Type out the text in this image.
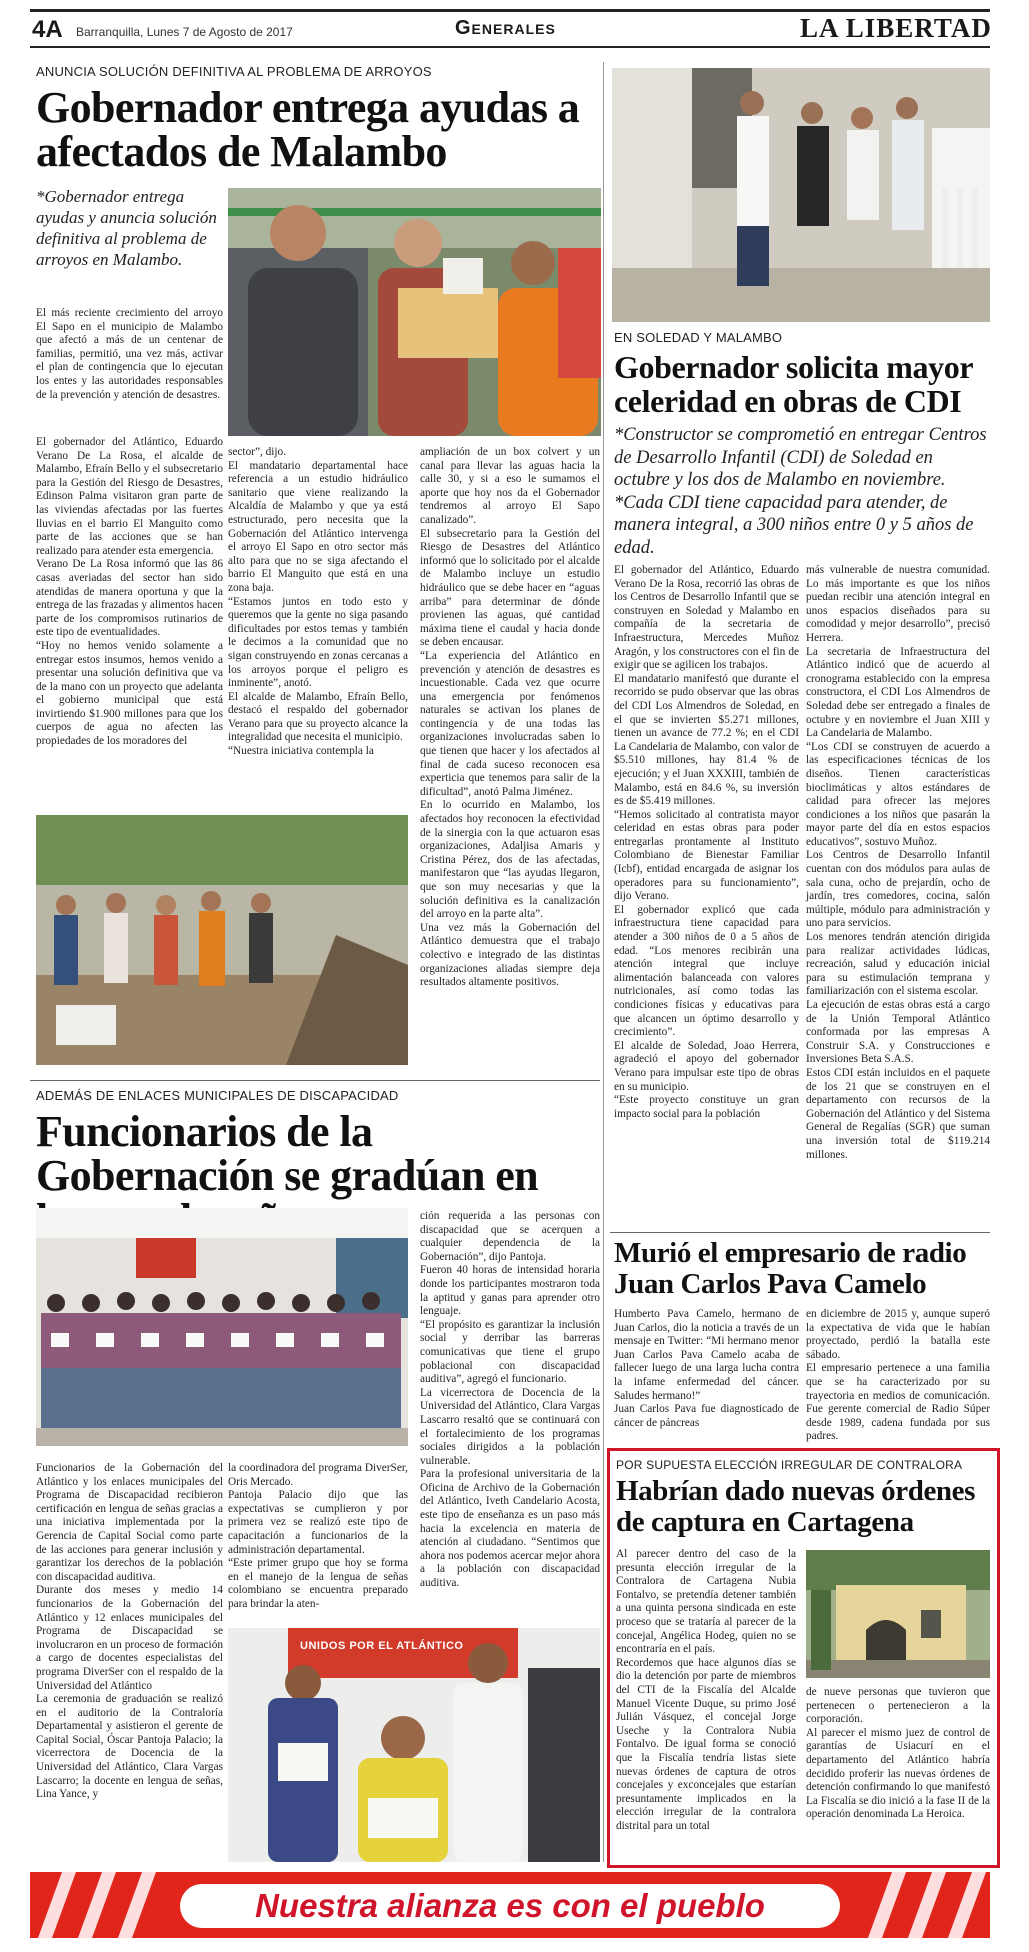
4A Barranquilla, Lunes 7 de Agosto de 2017	Generales	LA LIBERTAD
ANUNCIA SOLUCIÓN DEFINITIVA AL PROBLEMA DE ARROYOS
Gobernador entrega ayudas a afectados de Malambo
*Gobernador entrega ayudas y anuncia solución definitiva al problema de arroyos en Malambo.

El más reciente crecimiento del arroyo El Sapo en el municipio de Malambo que afectó a más de un centenar de familias, permitió, una vez más, activar el plan de contingencia que lo ejecutan los entes y las autoridades responsables de la prevención y atención de desastres.

El gobernador del Atlántico, Eduardo Verano De La Rosa, el alcalde de Malambo, Efraín Bello y el subsecretario para la Gestión del Riesgo de Desastres, Edinson Palma visitaron gran parte de las viviendas afectadas por las fuertes lluvias en el barrio El Manguito como parte de las acciones que se han realizado para atender esta emergencia.

Verano De La Rosa informó que las 86 casas averiadas del sector han sido atendidas de manera oportuna y que la entrega de las frazadas y alimentos hacen parte de los compromisos rutinarios de este tipo de eventualidades.

“Hoy no hemos venido solamente a entregar estos insumos, hemos venido a presentar una solución definitiva que va de la mano con un proyecto que adelanta el gobierno municipal que está invirtiendo $1.900 millones para que los cuerpos de agua no afecten las propiedades de los moradores del

sector”, dijo.

El mandatario departamental hace referencia a un estudio hidráulico sanitario que viene realizando la Alcaldía de Malambo y que ya está estructurado, pero necesita que la Gobernación del Atlántico intervenga el arroyo El Sapo en otro sector más alto para que no se siga afectando el barrio El Manguito que está en una zona baja.

“Estamos juntos en todo esto y queremos que la gente no siga pasando dificultades por estos temas y también le decimos a la comunidad que no sigan construyendo en zonas cercanas a los arroyos porque el peligro es inminente”, anotó.

El alcalde de Malambo, Efraín Bello, destacó el respaldo del gobernador Verano para que su proyecto alcance la integralidad que necesita el municipio.

“Nuestra iniciativa contempla la

ampliación de un box colvert y un canal para llevar las aguas hacia la calle 30, y si a eso le sumamos el aporte que hoy nos da el Gobernador tendremos al arroyo El Sapo canalizado”.

El subsecretario para la Gestión del Riesgo de Desastres del Atlántico informó que lo solicitado por el alcalde de Malambo incluye un estudio hidráulico que se debe hacer en “aguas arriba” para determinar de dónde provienen las aguas, qué cantidad máxima tiene el caudal y hacia donde se deben encausar.

“La experiencia del Atlántico en prevención y atención de desastres es incuestionable. Cada vez que ocurre una emergencia por fenómenos naturales se activan los planes de contingencia y de una todas las organizaciones involucradas saben lo que tienen que hacer y los afectados al final de cada suceso reconocen esa experticia que tenemos para salir de la dificultad”, anotó Palma Jiménez.

En lo ocurrido en Malambo, los afectados hoy reconocen la efectividad de la sinergia con la que actuaron esas organizaciones, Adaljisa Amaris y Cristina Pérez, dos de las afectadas, manifestaron que “las ayudas llegaron, que son muy necesarias y que la solución definitiva es la canalización del arroyo en la parte alta”.

Una vez más la Gobernación del Atlántico demuestra que el trabajo colectivo e integrado de las distintas organizaciones aliadas siempre deja resultados altamente positivos.

ADEMÁS DE ENLACES MUNICIPALES DE DISCAPACIDAD
Funcionarios de la Gobernación se gradúan en

ción requerida a las personas con discapacidad que se acerquen a cualquier dependencia de la Gobernación”, dijo Pantoja.

Fueron 40 horas de intensidad horaria donde los participantes mostraron toda la aptitud y ganas para aprender otro lenguaje.

“El propósito es garantizar la inclusión social y derribar las barreras comunicativas que tiene el grupo poblacional con discapacidad auditiva”, agregó el funcionario.

La vicerrectora de Docencia de la Universidad del Atlántico, Clara Vargas Lascarro resaltó que se continuará con el fortalecimiento de los programas sociales dirigidos a la población vulnerable.

Para la profesional universitaria de la Oficina de Archivo de la Gobernación del Atlántico, Iveth Candelario Acosta, este tipo de enseñanza es un paso más hacia la excelencia en materia de atención al ciudadano. “Sentimos que ahora nos podemos acercar mejor ahora a la población con discapacidad auditiva.

Funcionarios de la Gobernación del Atlántico y los enlaces municipales del Programa de Discapacidad recibieron certificación en lengua de señas gracias a una iniciativa implementada por la Gerencia de Capital Social como parte de las acciones para generar inclusión y garantizar los derechos de la población con discapacidad auditiva.

Durante dos meses y medio 14 funcionarios de la Gobernación del Atlántico y 12 enlaces municipales del Programa de Discapacidad se involucraron en un proceso de formación a cargo de docentes especialistas del programa DiverSer con el respaldo de la Universidad del Atlántico

La ceremonia de graduación se realizó en el auditorio de la Contraloría Departamental y asistieron el gerente de Capital Social, Óscar Pantoja Palacio; la vicerrectora de Docencia de la Universidad del Atlántico, Clara Vargas Lascarro; la docente en lengua de señas, Lina Yance, y

la coordinadora del programa DiverSer, Oris Mercado.

Pantoja Palacio dijo que las expectativas se cumplieron y por primera vez se realizó este tipo de capacitación a funcionarios de la administración departamental.

“Este primer grupo que hoy se forma en el manejo de la lengua de señas colombiano se encuentra preparado para brindar la aten-

UNIDOS POR EL ATLÁNTICO
EN SOLEDAD Y MALAMBO
Gobernador solicita mayor celeridad en obras de CDI
*Constructor se comprometió en entregar Centros de Desarrollo Infantil (CDI) de Soledad en octubre y los dos de Malambo en noviembre.
*Cada CDI tiene capacidad para atender, de manera integral, a 300 niños entre 0 y 5 años de edad.

El gobernador del Atlántico, Eduardo Verano De la Rosa, recorrió las obras de los Centros de Desarrollo Infantil que se construyen en Soledad y Malambo en compañía de la secretaria de Infraestructura, Mercedes Muñoz Aragón, y los constructores con el fin de exigir que se agilicen los trabajos.

El mandatario manifestó que durante el recorrido se pudo observar que las obras del CDI Los Almendros de Soledad, en el que se invierten $5.271 millones, tienen un avance de 77.2 %; en el CDI La Candelaria de Malambo, con valor de $5.510 millones, hay 81.4 % de ejecución; y el Juan XXXIII, también de Malambo, está en 84.6 %, su inversión es de $5.419 millones.

“Hemos solicitado al contratista mayor celeridad en estas obras para poder entregarlas prontamente al Instituto Colombiano de Bienestar Familiar (Icbf), entidad encargada de asignar los operadores para su funcionamiento”, dijo Verano.

El gobernador explicó que cada infraestructura tiene capacidad para atender a 300 niños de 0 a 5 años de edad. “Los menores recibirán una atención integral que incluye alimentación balanceada con valores nutricionales, así como todas las condiciones físicas y educativas para que alcancen un óptimo desarrollo y crecimiento”.

El alcalde de Soledad, Joao Herrera, agradeció el apoyo del gobernador Verano para impulsar este tipo de obras en su municipio.

“Este proyecto constituye un gran impacto social para la población

más vulnerable de nuestra comunidad. Lo más importante es que los niños puedan recibir una atención integral en unos espacios diseñados para su comodidad y mejor desarrollo”, precisó Herrera.

La secretaria de Infraestructura del Atlántico indicó que de acuerdo al cronograma establecido con la empresa constructora, el CDI Los Almendros de Soledad debe ser entregado a finales de octubre y en noviembre el Juan XIII y La Candelaria de Malambo.

“Los CDI se construyen de acuerdo a las especificaciones técnicas de los diseños. Tienen características bioclimáticas y altos estándares de calidad para ofrecer las mejores condiciones a los niños que pasarán la mayor parte del día en estos espacios educativos”, sostuvo Muñoz.

Los Centros de Desarrollo Infantil cuentan con dos módulos para aulas de sala cuna, ocho de prejardín, ocho de jardín, tres comedores, cocina, salón múltiple, módulo para administración y uno para servicios.

Los menores tendrán atención dirigida para realizar actividades lúdicas, recreación, salud y educación inicial para su estimulación temprana y familiarización con el sistema escolar.

La ejecución de estas obras está a cargo de la Unión Temporal Atlántico conformada por las empresas A Construir S.A. y Construcciones e Inversiones Beta S.A.S.

Estos CDI están incluidos en el paquete de los 21 que se construyen en el departamento con recursos de la Gobernación del Atlántico y del Sistema General de Regalías (SGR) que suman una inversión total de $119.214 millones.

Murió el empresario de radio Juan Carlos Pava Camelo

Humberto Pava Camelo, hermano de Juan Carlos, dio la noticia a través de un mensaje en Twitter: “Mi hermano menor Juan Carlos Pava Camelo acaba de fallecer luego de una larga lucha contra la infame enfermedad del cáncer. Saludes hermano!”

Juan Carlos Pava fue diagnosticado de cáncer de páncreas

en diciembre de 2015 y, aunque superó la expectativa de vida que le habían proyectado, perdió la batalla este sábado.

El empresario pertenece a una familia que se ha caracterizado por su trayectoria en medios de comunicación. Fue gerente comercial de Radio Súper desde 1989, cadena fundada por sus padres.

POR SUPUESTA ELECCIÓN IRREGULAR DE CONTRALORA
Habrían dado nuevas órdenes de captura en Cartagena

Al parecer dentro del caso de la presunta elección irregular de la Contralora de Cartagena Nubia Fontalvo, se pretendía detener también a una quinta persona sindicada en este proceso que se trataría al parecer de la concejal, Angélica Hodeg, quien no se encontraría en el país.

Recordemos que hace algunos días se dio la detención por parte de miembros del CTI de la Fiscalía del Alcalde Manuel Vicente Duque, su primo José Julián Vásquez, el concejal Jorge Useche y la Contralora Nubia Fontalvo. De igual forma se conoció que la Fiscalía tendría listas siete nuevas órdenes de captura de otros concejales y exconcejales que estarían presuntamente implicados en la elección irregular de la contralora distrital para un total

de nueve personas que tuvieron que pertenecen o pertenecieron a la corporación.

Al parecer el mismo juez de control de garantías de Usiacurí en el departamento del Atlántico habría decidido proferir las nuevas órdenes de detención confirmando lo que manifestó La Fiscalía se dio inició a la fase II de la operación denominada La Heroica.

Nuestra alianza es con el pueblo
